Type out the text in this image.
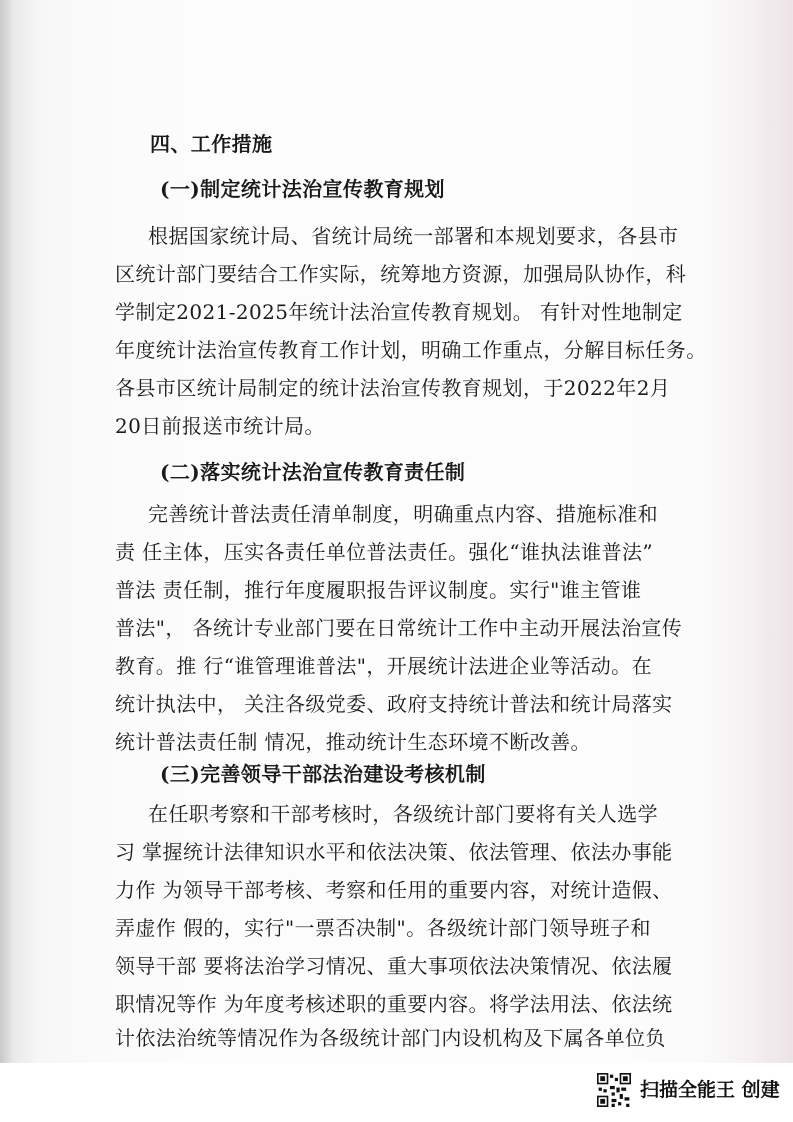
四、工作措施
(一)制定统计法治宣传教育规划
根据国家统计局、省统计局统一部署和本规划要求，各县市
区统计部门要结合工作实际，统筹地方资源，加强局队协作，科
学制定2021-2025年统计法治宣传教育规划。 有针对性地制定
年度统计法治宣传教育工作计划，明确工作重点，分解目标任务。
各县市区统计局制定的统计法治宣传教育规划，于2022年2月
20日前报送市统计局。
(二)落实统计法治宣传教育责任制
完善统计普法责任清单制度，明确重点内容、措施标准和
责 任主体，压实各责任单位普法责任。强化“谁执法谁普法”
普法 责任制，推行年度履职报告评议制度。实行"谁主管谁
普法"， 各统计专业部门要在日常统计工作中主动开展法治宣传
教育。推 行“谁管理谁普法"，开展统计法进企业等活动。在
统计执法中， 关注各级党委、政府支持统计普法和统计局落实
统计普法责任制 情况，推动统计生态环境不断改善。
(三)完善领导干部法治建设考核机制
在任职考察和干部考核时，各级统计部门要将有关人选学
习 掌握统计法律知识水平和依法决策、依法管理、依法办事能
力作 为领导干部考核、考察和任用的重要内容，对统计造假、
弄虚作 假的，实行"一票否决制"。各级统计部门领导班子和
领导干部 要将法治学习情况、重大事项依法决策情况、依法履
职情况等作 为年度考核述职的重要内容。将学法用法、依法统
计依法治统等情况作为各级统计部门内设机构及下属各单位负
扫描全能王 创建
